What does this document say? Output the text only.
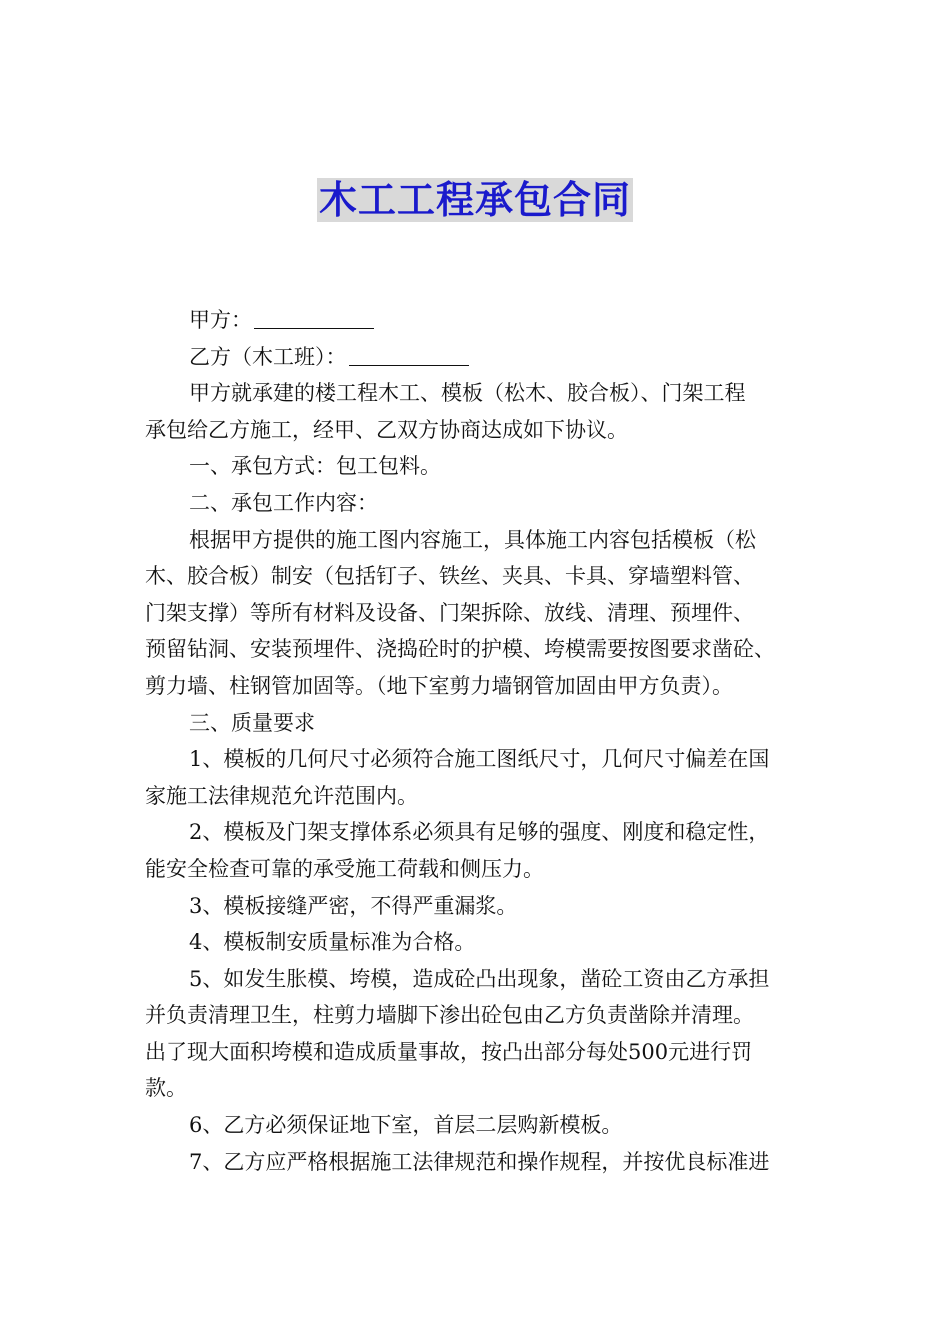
木工工程承包合同
甲方：
乙方（木工班）：
甲方就承建的楼工程木工、模板（松木、胶合板）、门架工程
承包给乙方施工，经甲、乙双方协商达成如下协议。
一、承包方式：包工包料。
二、承包工作内容：
根据甲方提供的施工图内容施工，具体施工内容包括模板（松
木、胶合板）制安（包括钉子、铁丝、夹具、卡具、穿墙塑料管、
门架支撑）等所有材料及设备、门架拆除、放线、清理、预埋件、
预留钻洞、安装预埋件、浇捣砼时的护模、垮模需要按图要求凿砼、
剪力墙、柱钢管加固等。（地下室剪力墙钢管加固由甲方负责）。
三、质量要求
1、模板的几何尺寸必须符合施工图纸尺寸，几何尺寸偏差在国
家施工法律规范允许范围内。
2、模板及门架支撑体系必须具有足够的强度、刚度和稳定性，
能安全检查可靠的承受施工荷载和侧压力。
3、模板接缝严密，不得严重漏浆。
4、模板制安质量标准为合格。
5、如发生胀模、垮模，造成砼凸出现象，凿砼工资由乙方承担
并负责清理卫生，柱剪力墙脚下渗出砼包由乙方负责凿除并清理。
出了现大面积垮模和造成质量事故，按凸出部分每处500元进行罚
款。
6、乙方必须保证地下室，首层二层购新模板。
7、乙方应严格根据施工法律规范和操作规程，并按优良标准进
